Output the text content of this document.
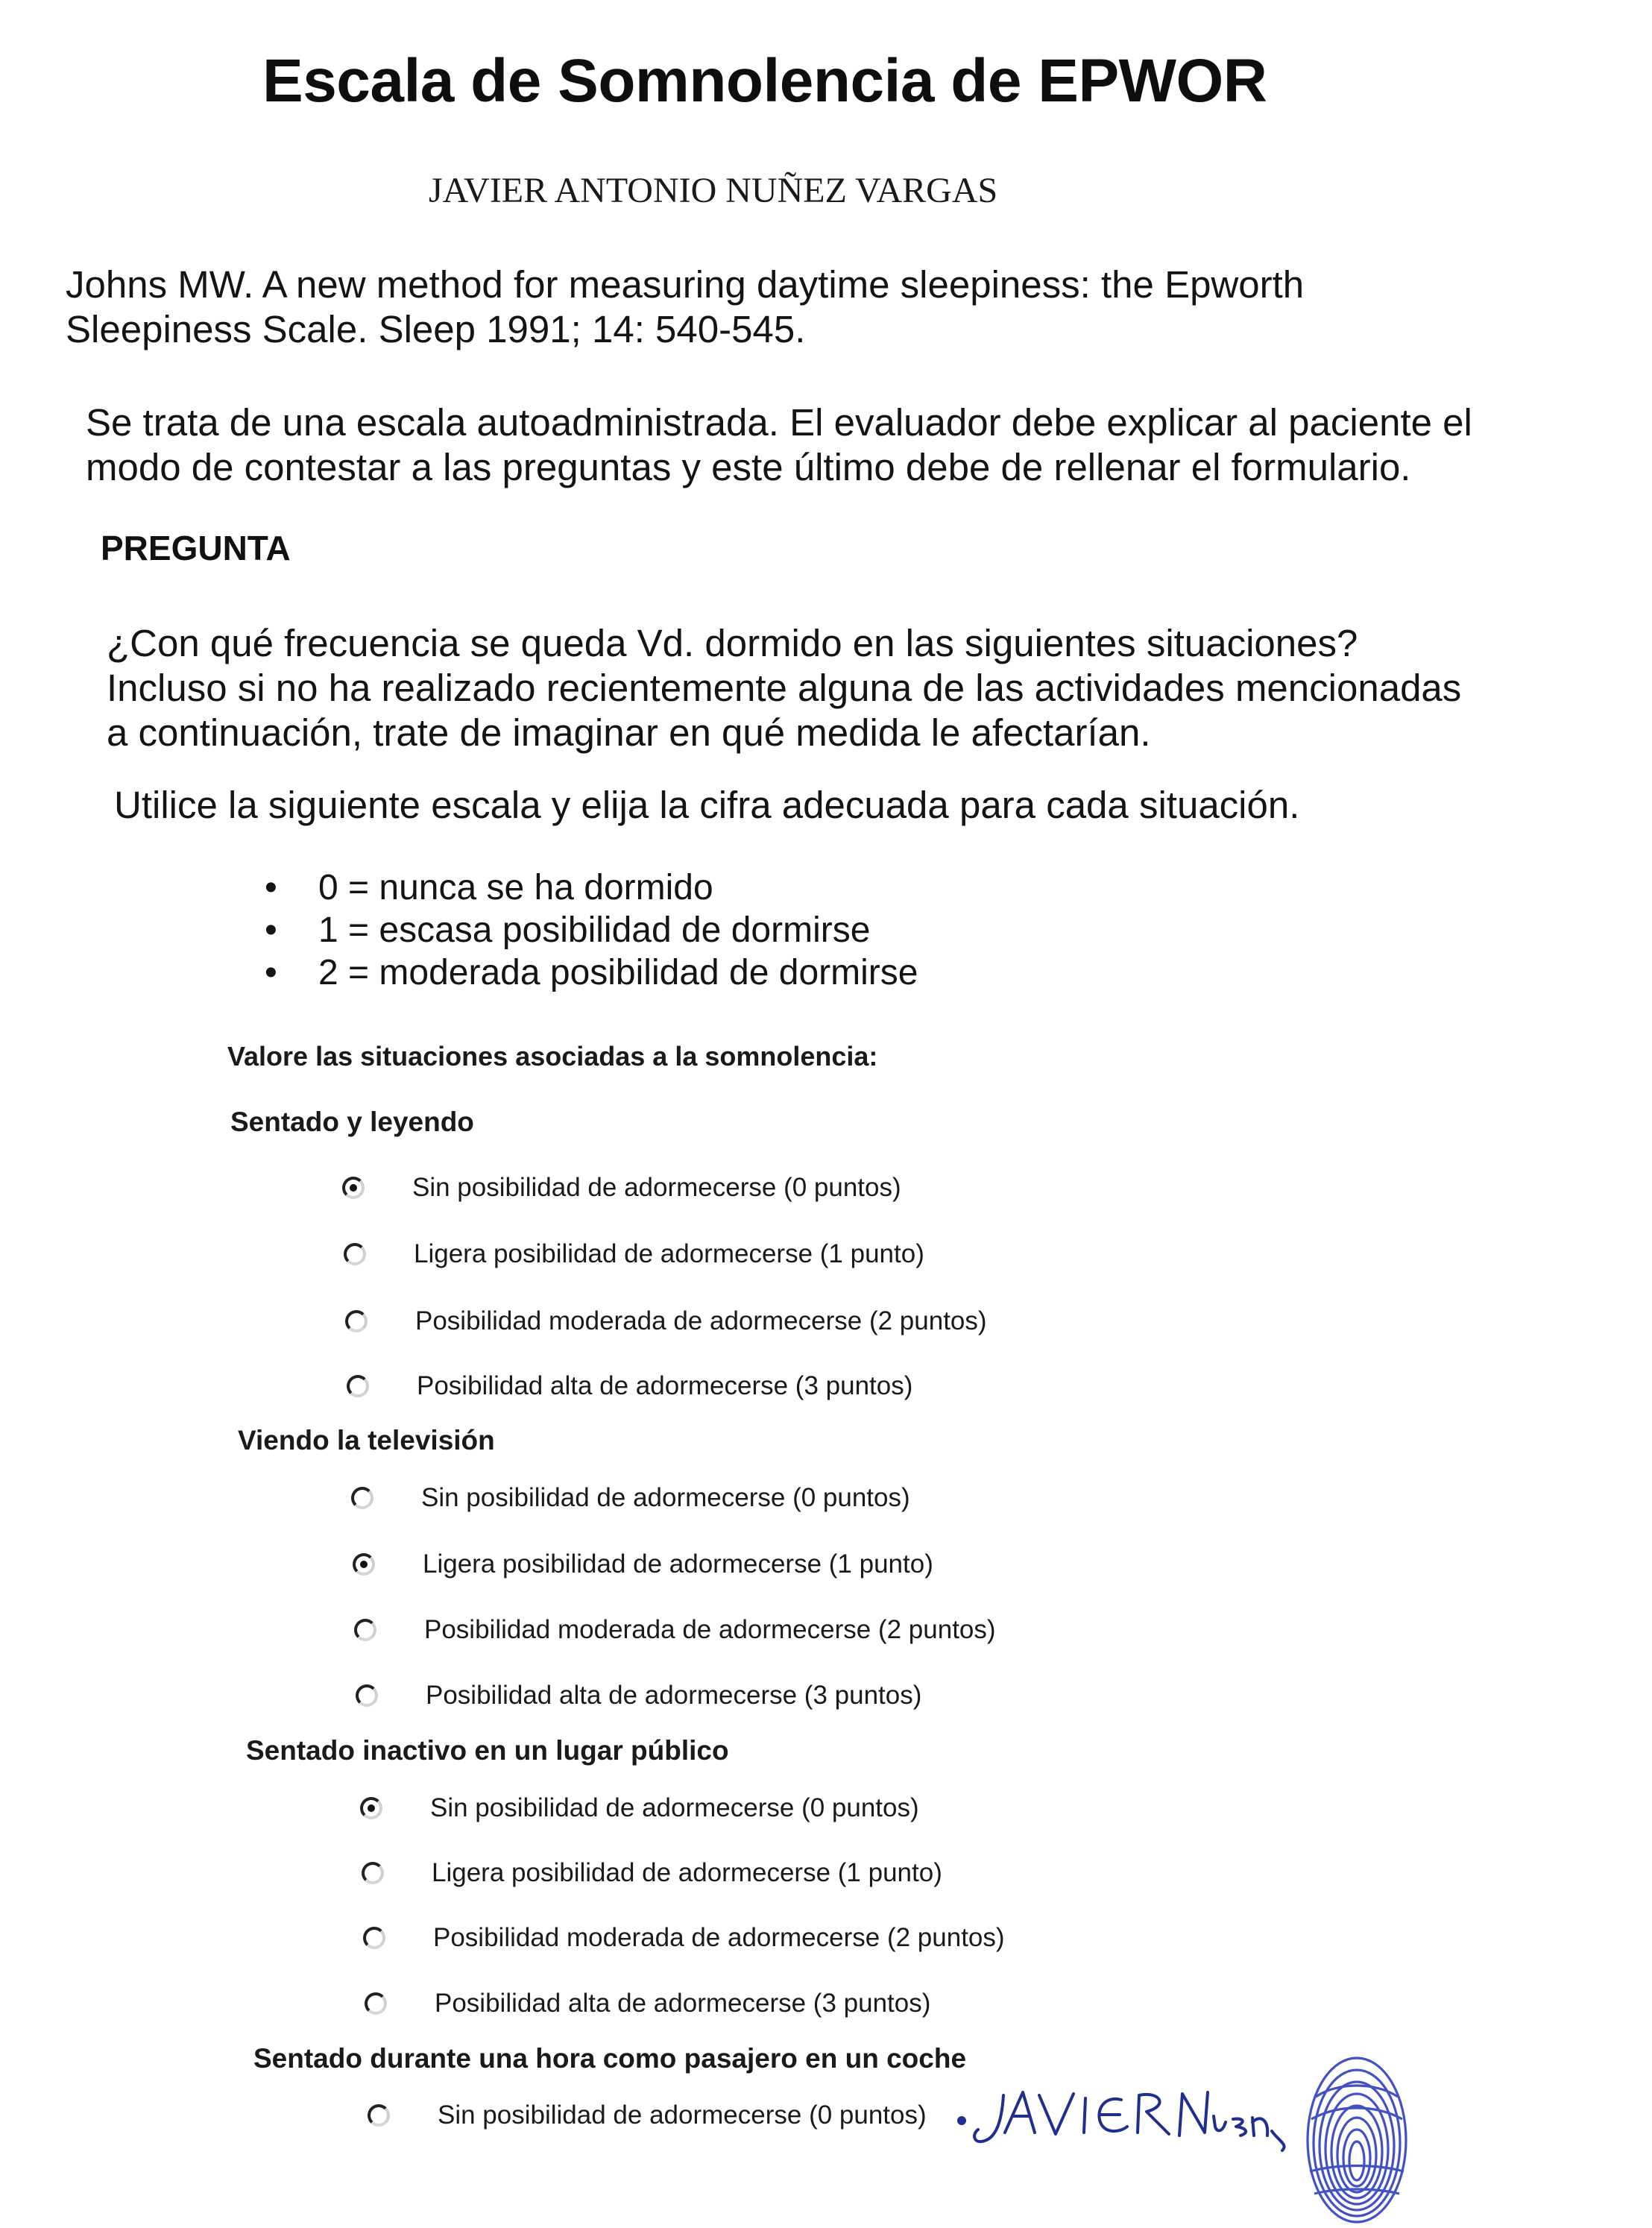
Escala de Somnolencia de EPWOR
JAVIER ANTONIO NUÑEZ VARGAS
Johns MW. A new method for measuring daytime sleepiness: the Epworth Sleepiness Scale. Sleep 1991; 14: 540-545.
Se trata de una escala autoadministrada. El evaluador debe explicar al paciente el modo de contestar a las preguntas y este último debe de rellenar el formulario.
PREGUNTA
¿Con qué frecuencia se queda Vd. dormido en las siguientes situaciones? Incluso si no ha realizado recientemente alguna de las actividades mencionadas a continuación, trate de imaginar en qué medida le afectarían.
Utilice la siguiente escala y elija la cifra adecuada para cada situación.
• 0 = nunca se ha dormido
• 1 = escasa posibilidad de dormirse
• 2 = moderada posibilidad de dormirse
Valore las situaciones asociadas a la somnolencia:
Sentado y leyendo
Sin posibilidad de adormecerse (0 puntos)
Ligera posibilidad de adormecerse (1 punto)
Posibilidad moderada de adormecerse (2 puntos)
Posibilidad alta de adormecerse (3 puntos)
Viendo la televisión
Sin posibilidad de adormecerse (0 puntos)
Ligera posibilidad de adormecerse (1 punto)
Posibilidad moderada de adormecerse (2 puntos)
Posibilidad alta de adormecerse (3 puntos)
Sentado inactivo en un lugar público
Sin posibilidad de adormecerse (0 puntos)
Ligera posibilidad de adormecerse (1 punto)
Posibilidad moderada de adormecerse (2 puntos)
Posibilidad alta de adormecerse (3 puntos)
Sentado durante una hora como pasajero en un coche
Sin posibilidad de adormecerse (0 puntos)
